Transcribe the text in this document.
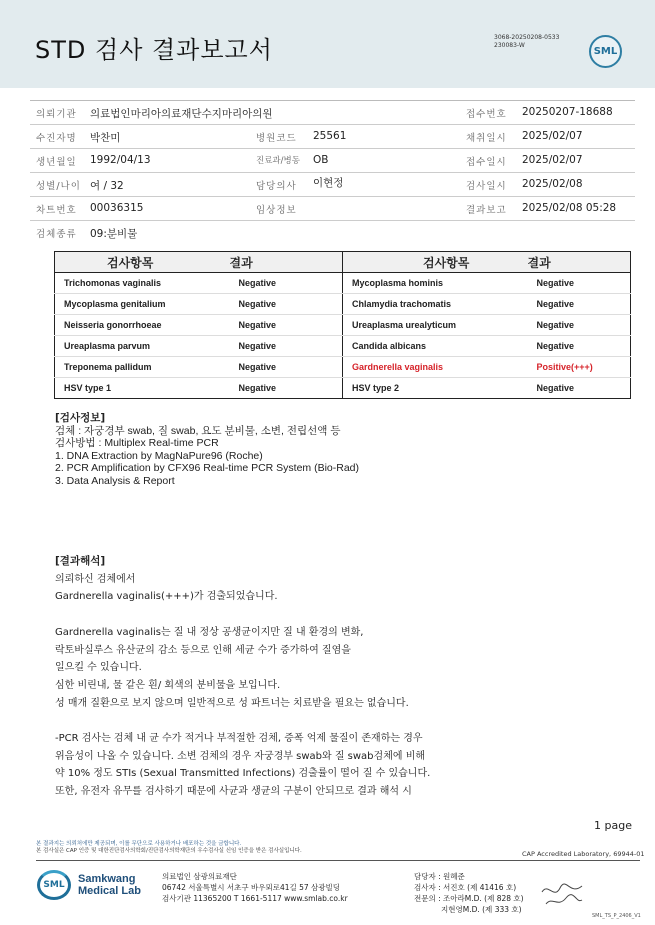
STD 검사 결과보고서	3068-20250208-0533
230083-W
SML
의뢰기관 의료법인마리아의료재단수지마리아의원	접수번호 20250207-18688
수진자명 박찬미	병원코드 25561	채취일시 2025/02/07
생년월일 1992/04/13	진료과/병동 OB	접수일시 2025/02/07
성별/나이 여 / 32	담당의사 이현정	검사일시 2025/02/08
차트번호 00036315	임상정보	결과보고 2025/02/08 05:28
검체종류 09:분비물
검사항목	결과	검사항목	결과
Trichomonas vaginalis	Negative	Mycoplasma hominis	Negative
Mycoplasma genitalium	Negative	Chlamydia trachomatis	Negative
Neisseria gonorrhoeae	Negative	Ureaplasma urealyticum	Negative
Ureaplasma parvum	Negative	Candida albicans	Negative
Treponema pallidum	Negative	Gardnerella vaginalis	Positive(+++)
HSV type 1	Negative	HSV type 2	Negative
[검사정보]
검체 : 자궁경부 swab, 질 swab, 요도 분비물, 소변, 전립선액 등
검사방법 : Multiplex Real-time PCR
1. DNA Extraction by MagNaPure96 (Roche)
2. PCR Amplification by CFX96 Real-time PCR System (Bio-Rad)
3. Data Analysis & Report
[결과해석]

의뢰하신 검체에서

Gardnerella vaginalis(+++)가 검출되었습니다.

Gardnerella vaginalis는 질 내 정상 공생균이지만 질 내 환경의 변화,

락토바실루스 유산균의 감소 등으로 인해 세균 수가 증가하여 질염을

일으킬 수 있습니다.

심한 비린내, 물 같은 흰/ 회색의 분비물을 보입니다.

성 매개 질환으로 보지 않으며 일반적으로 성 파트너는 치료받을 필요는 없습니다.

-PCR 검사는 검체 내 균 수가 적거나 부적절한 검체, 증폭 억제 물질이 존재하는 경우

위음성이 나올 수 있습니다. 소변 검체의 경우 자궁경부 swab와 질 swab검체에 비해

약 10% 정도 STIs (Sexual Transmitted Infections) 검출률이 떨어 질 수 있습니다.

또한, 유전자 유무를 검사하기 때문에 사균과 생균의 구분이 안되므로 결과 해석 시

1 page
본 결과지는 의뢰처에만 제공되며, 이를 무단으로 사용하거나 배포하는 것을 금합니다.
본 검사실은 CAP 인증 및 대한진단검사의학회/진단검사의학재단의 우수검사실 신임 인증을 받은 검사실입니다.	CAP Accredited Laboratory, 69944-01
SML	Samkwang
Medical Lab
의료법인 삼광의료재단
06742 서울특별시 서초구 바우뫼로41길 57 삼광빌딩
검사기관 11365200 T 1661-5117 www.smlab.co.kr
담당자 : 원혜준
검사자 : 서진호 (제 41416 호)
전문의 : 조아라M.D. (제 828 호)
지현영M.D. (제 333 호)
SML_TS_P_2406_V1
